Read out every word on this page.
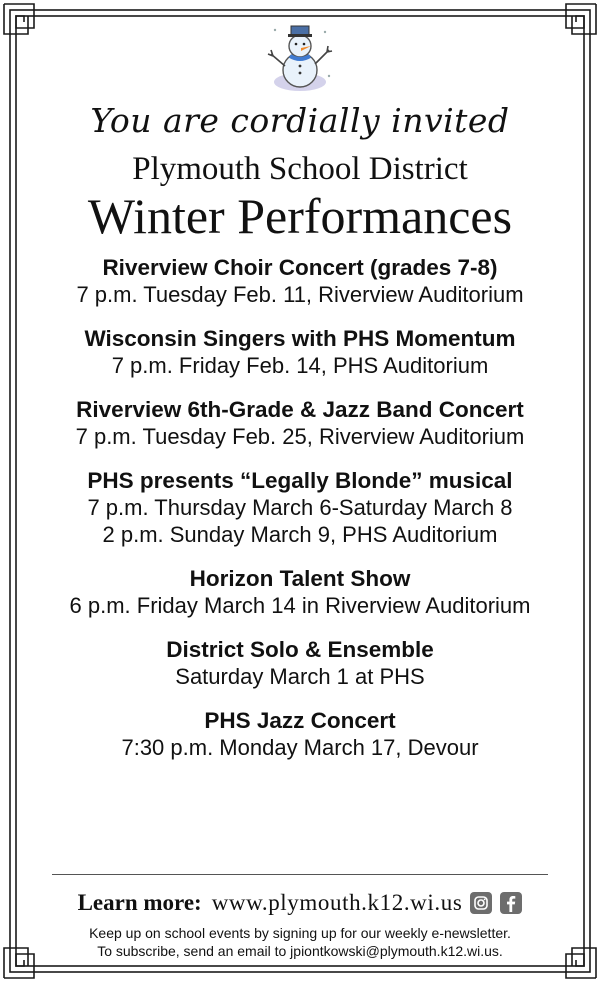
You are cordially invited
Plymouth School District
Winter Performances
Riverview Choir Concert (grades 7-8)
7 p.m. Tuesday Feb. 11, Riverview Auditorium
Wisconsin Singers with PHS Momentum
7 p.m. Friday Feb. 14, PHS Auditorium
Riverview 6th-Grade & Jazz Band Concert
7 p.m. Tuesday Feb. 25, Riverview Auditorium
PHS presents “Legally Blonde” musical
7 p.m. Thursday March 6-Saturday March 8
2 p.m. Sunday March 9, PHS Auditorium
Horizon Talent Show
6 p.m. Friday March 14 in Riverview Auditorium
District Solo & Ensemble
Saturday March 1 at PHS
PHS Jazz Concert
7:30 p.m. Monday March 17, Devour
Learn more: www.plymouth.k12.wi.us
Keep up on school events by signing up for our weekly e-newsletter.
To subscribe, send an email to jpiontkowski@plymouth.k12.wi.us.
